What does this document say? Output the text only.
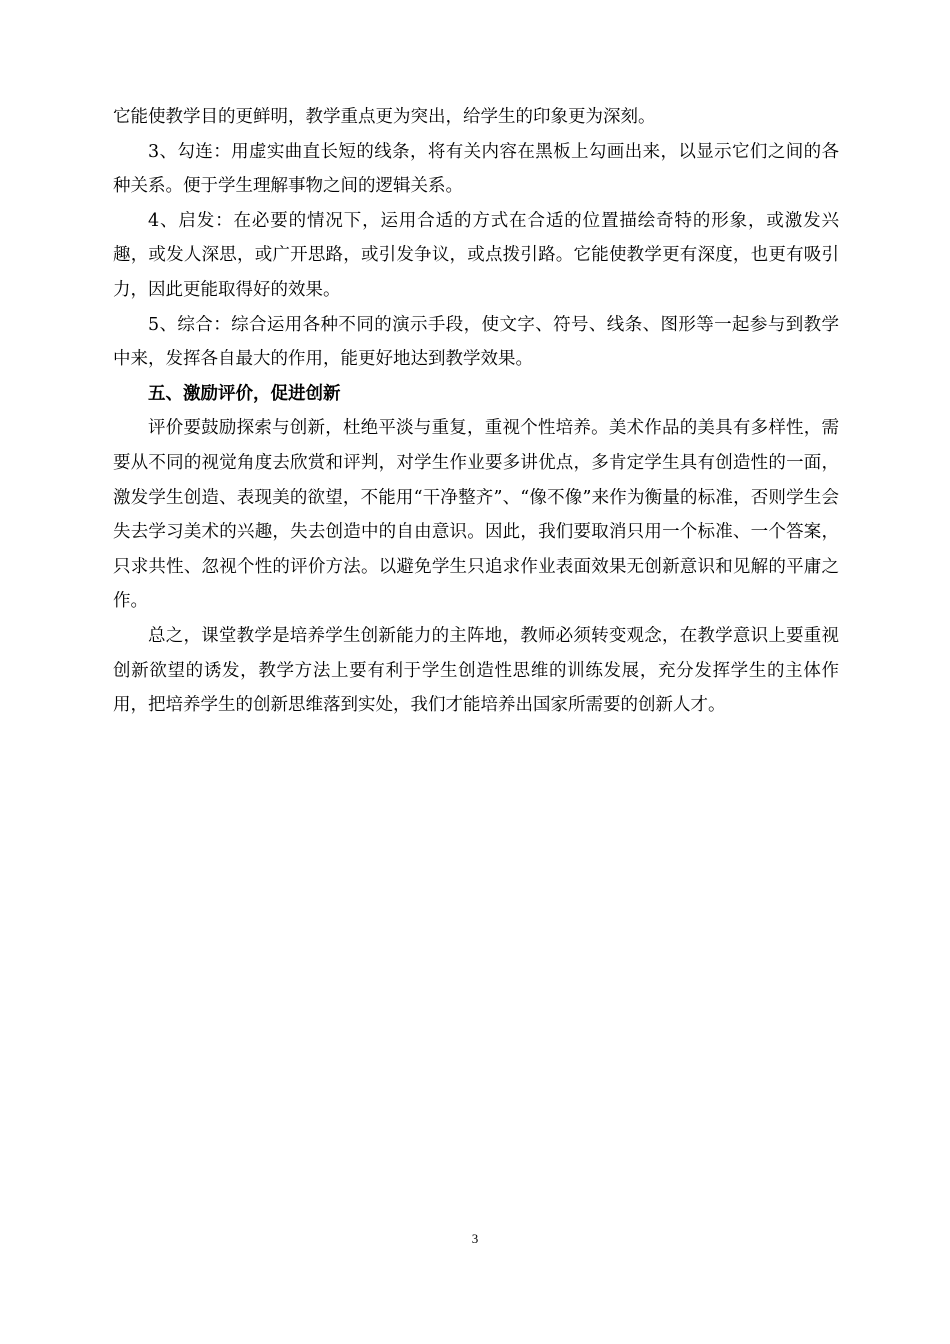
它能使教学目的更鲜明，教学重点更为突出，给学生的印象更为深刻。

3、勾连：用虚实曲直长短的线条，将有关内容在黑板上勾画出来，以显示它们之间的各种关系。便于学生理解事物之间的逻辑关系。

4、启发：在必要的情况下，运用合适的方式在合适的位置描绘奇特的形象，或激发兴趣，或发人深思，或广开思路，或引发争议，或点拨引路。它能使教学更有深度，也更有吸引力，因此更能取得好的效果。

5、综合：综合运用各种不同的演示手段，使文字、符号、线条、图形等一起参与到教学中来，发挥各自最大的作用，能更好地达到教学效果。

五、激励评价，促进创新

评价要鼓励探索与创新，杜绝平淡与重复，重视个性培养。美术作品的美具有多样性，需要从不同的视觉角度去欣赏和评判，对学生作业要多讲优点，多肯定学生具有创造性的一面，激发学生创造、表现美的欲望，不能用“干净整齐”、“像不像”来作为衡量的标准，否则学生会失去学习美术的兴趣，失去创造中的自由意识。因此，我们要取消只用一个标准、一个答案，只求共性、忽视个性的评价方法。以避免学生只追求作业表面效果无创新意识和见解的平庸之作。

总之，课堂教学是培养学生创新能力的主阵地，教师必须转变观念，在教学意识上要重视创新欲望的诱发，教学方法上要有利于学生创造性思维的训练发展，充分发挥学生的主体作用，把培养学生的创新思维落到实处，我们才能培养出国家所需要的创新人才。

3
